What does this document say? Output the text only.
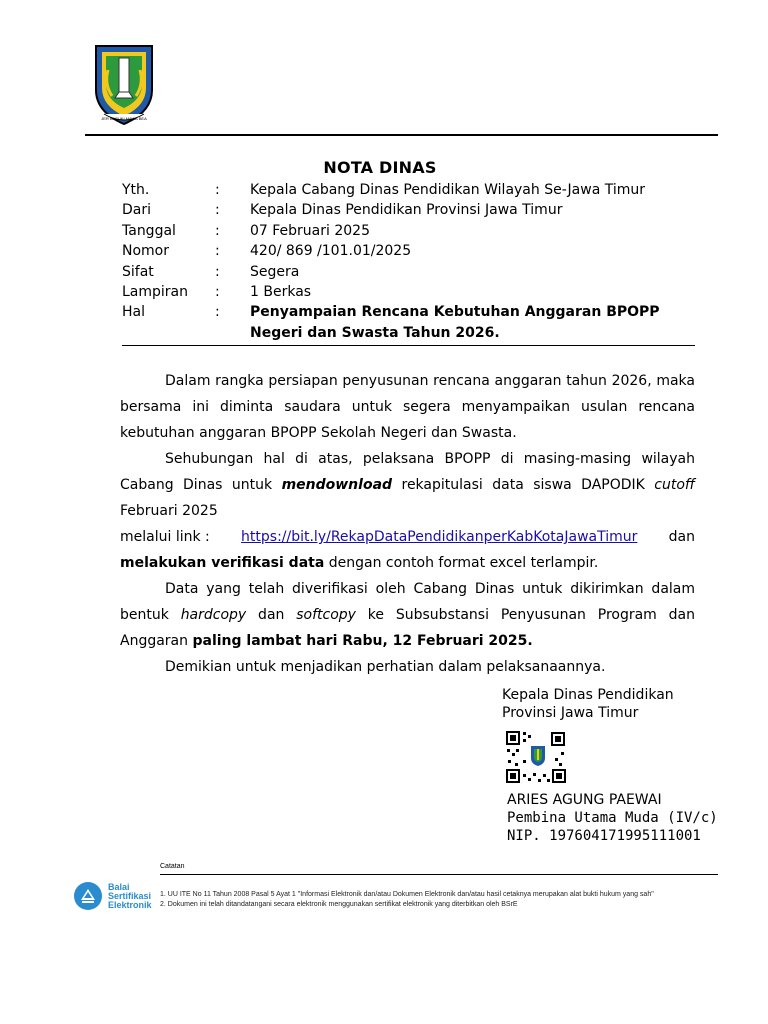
JER BASUKI MAWA BEA
NOTA DINAS
Yth.	:	Kepala Cabang Dinas Pendidikan Wilayah Se-Jawa Timur
Dari	:	Kepala Dinas Pendidikan Provinsi Jawa Timur
Tanggal	:	07 Februari 2025
Nomor	:	420/ 869 /101.01/2025
Sifat	:	Segera
Lampiran	:	1 Berkas
Hal	:	Penyampaian Rencana Kebutuhan Anggaran BPOPP
Negeri dan Swasta Tahun 2026.

Dalam rangka persiapan penyusunan rencana anggaran tahun 2026, maka bersama ini diminta saudara untuk segera menyampaikan usulan rencana kebutuhan anggaran BPOPP Sekolah Negeri dan Swasta.

Sehubungan hal di atas, pelaksana BPOPP di masing-masing wilayah Cabang Dinas untuk mendownload rekapitulasi data siswa DAPODIK cutoff Februari 2025

melalui link : https://bit.ly/RekapDataPendidikanperKabKotaJawaTimur dan
melakukan verifikasi data dengan contoh format excel terlampir.

Data yang telah diverifikasi oleh Cabang Dinas untuk dikirimkan dalam bentuk hardcopy dan softcopy ke Subsubstansi Penyusunan Program dan Anggaran paling lambat hari Rabu, 12 Februari 2025.

Demikian untuk menjadikan perhatian dalam pelaksanaannya.

Kepala Dinas Pendidikan
Provinsi Jawa Timur
ARIES AGUNG PAEWAI
Pembina Utama Muda (IV/c)
NIP. 197604171995111001
Catatan
Balai
Sertifikasi
Elektronik
1. UU ITE No 11 Tahun 2008 Pasal 5 Ayat 1 "Informasi Elektronik dan/atau Dokumen Elektronik dan/atau hasil cetaknya merupakan alat bukti hukum yang sah"
2. Dokumen ini telah ditandatangani secara elektronik menggunakan sertifikat elektronik yang diterbitkan oleh BSrE
